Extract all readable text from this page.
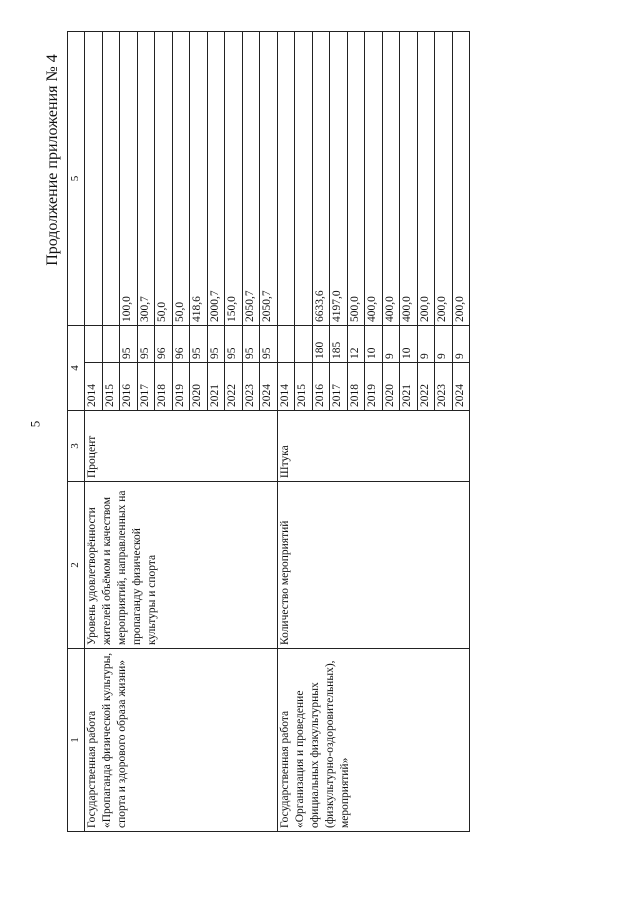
5
Продолжение приложения № 4
1	2	3	4		5
Государственная работа «Пропаганда физической культуры, спорта и здорового образа жизни»	Уровень удовлетворённости жителей объёмом и качеством мероприятий, направленных на пропаганду физической культуры и спорта	Процент	2014		
			2015		
			2016	95	100,0
			2017	95	300,7
			2018	96	50,0
			2019	96	50,0
			2020	95	418,6
			2021	95	2000,7
			2022	95	150,0
			2023	95	2050,7
			2024	95	2050,7
Государственная работа «Организация и проведение официальных физкультурных (физкультурно-оздоровительных), мероприятий»	Количество мероприятий	Штука	2014		
			2015		
			2016	180	6633,6
			2017	185	4197,0
			2018	12	500,0
			2019	10	400,0
			2020	9	400,0
			2021	10	400,0
			2022	9	200,0
			2023	9	200,0
			2024	9	200,0
